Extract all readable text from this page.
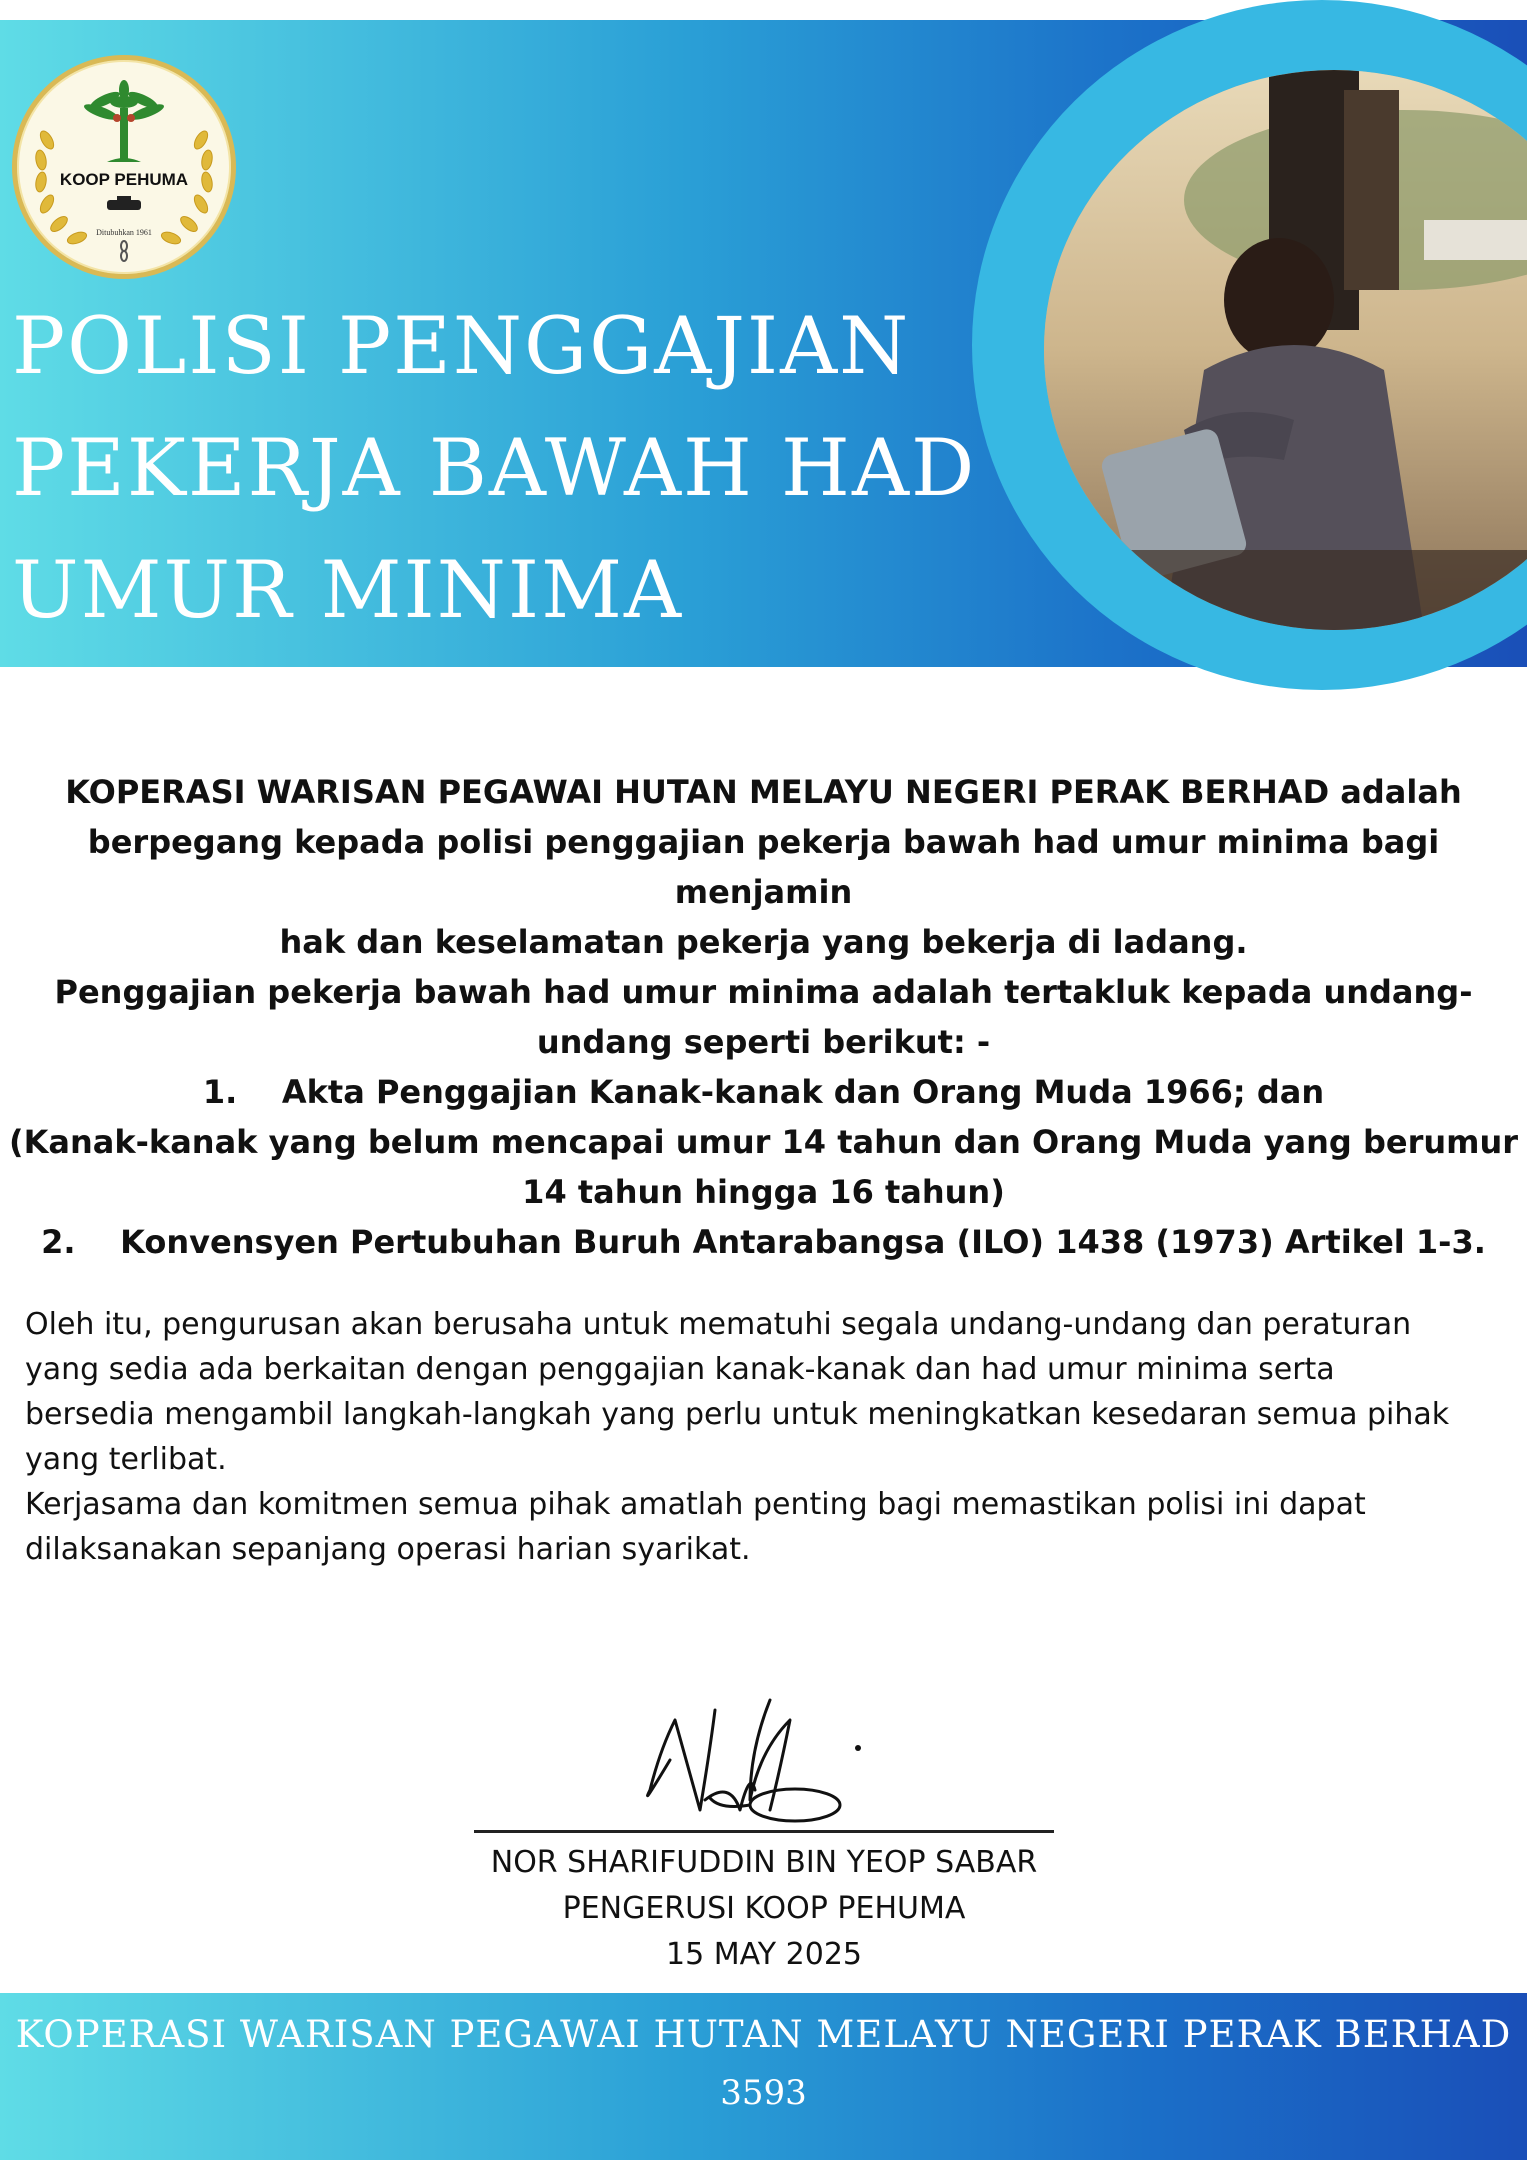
KOOP PEHUMA
Ditubuhkan 1961
POLISI PENGGAJIAN
PEKERJA BAWAH HAD
UMUR MINIMA

KOPERASI WARISAN PEGAWAI HUTAN MELAYU NEGERI PERAK BERHAD adalah

berpegang kepada polisi penggajian pekerja bawah had umur minima bagi menjamin

hak dan keselamatan pekerja yang bekerja di ladang.

Penggajian pekerja bawah had umur minima adalah tertakluk kepada undang-

undang seperti berikut: -

1.    Akta Penggajian Kanak-kanak dan Orang Muda 1966; dan

(Kanak-kanak yang belum mencapai umur 14 tahun dan Orang Muda yang berumur

14 tahun hingga 16 tahun)

2.    Konvensyen Pertubuhan Buruh Antarabangsa (ILO) 1438 (1973) Artikel 1-3.

Oleh itu, pengurusan akan berusaha untuk mematuhi segala undang-undang dan peraturan
yang sedia ada berkaitan dengan penggajian kanak-kanak dan had umur minima serta
bersedia mengambil langkah-langkah yang perlu untuk meningkatkan kesedaran semua pihak
yang terlibat.
Kerjasama dan komitmen semua pihak amatlah penting bagi memastikan polisi ini dapat
dilaksanakan sepanjang operasi harian syarikat.
NOR SHARIFUDDIN BIN YEOP SABAR
PENGERUSI KOOP PEHUMA
15 MAY 2025
KOPERASI WARISAN PEGAWAI HUTAN MELAYU NEGERI PERAK BERHAD
3593
